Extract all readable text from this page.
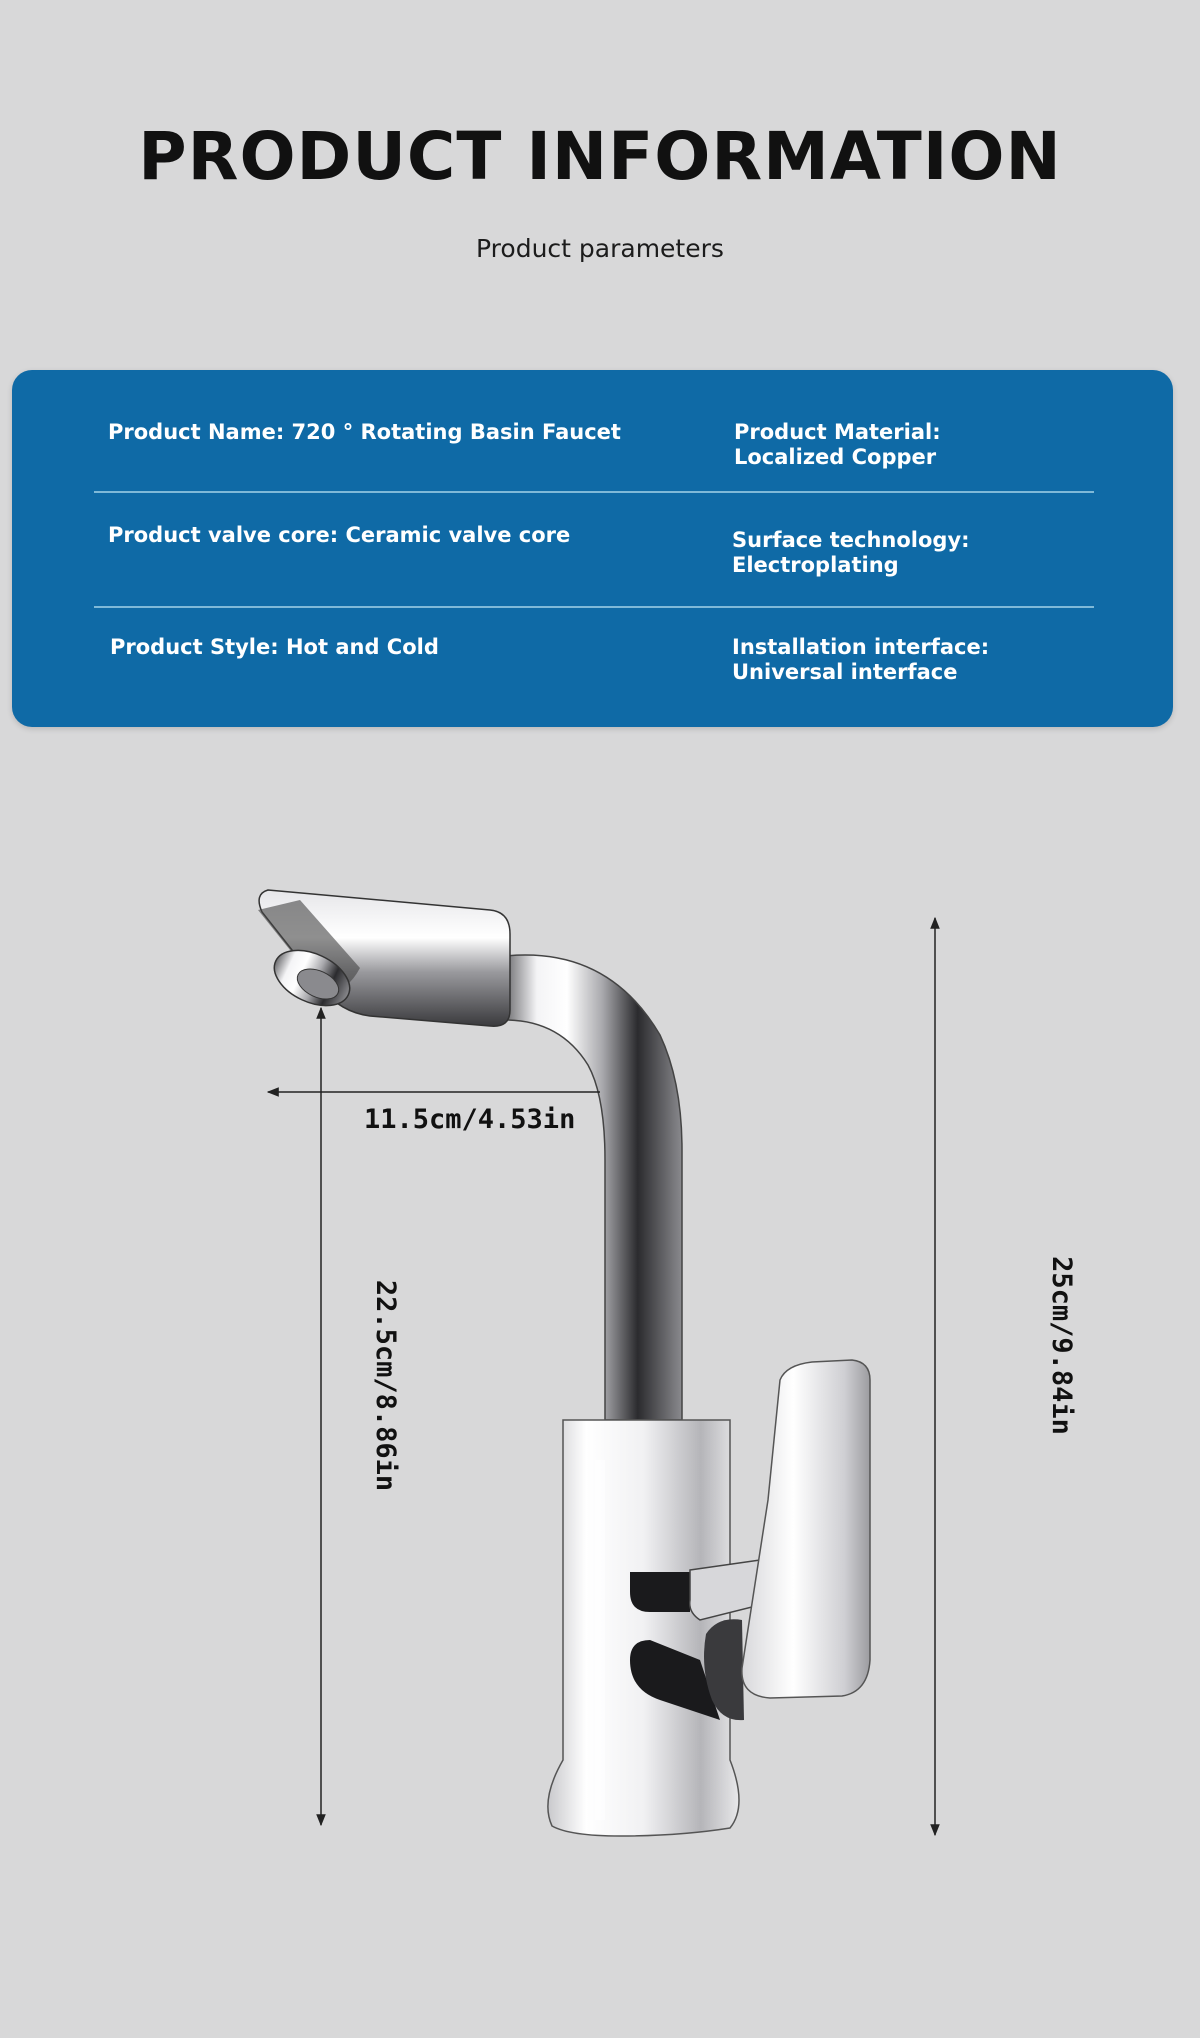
PRODUCT INFORMATION
Product parameters
Product Name: 720 ° Rotating Basin Faucet	Product Material:
Localized Copper
Product valve core: Ceramic valve core	Surface technology:
Electroplating
Product Style: Hot and Cold	Installation interface:
Universal interface
11.5cm/4.53in
22.5cm/8.86in	25cm/9.84in
